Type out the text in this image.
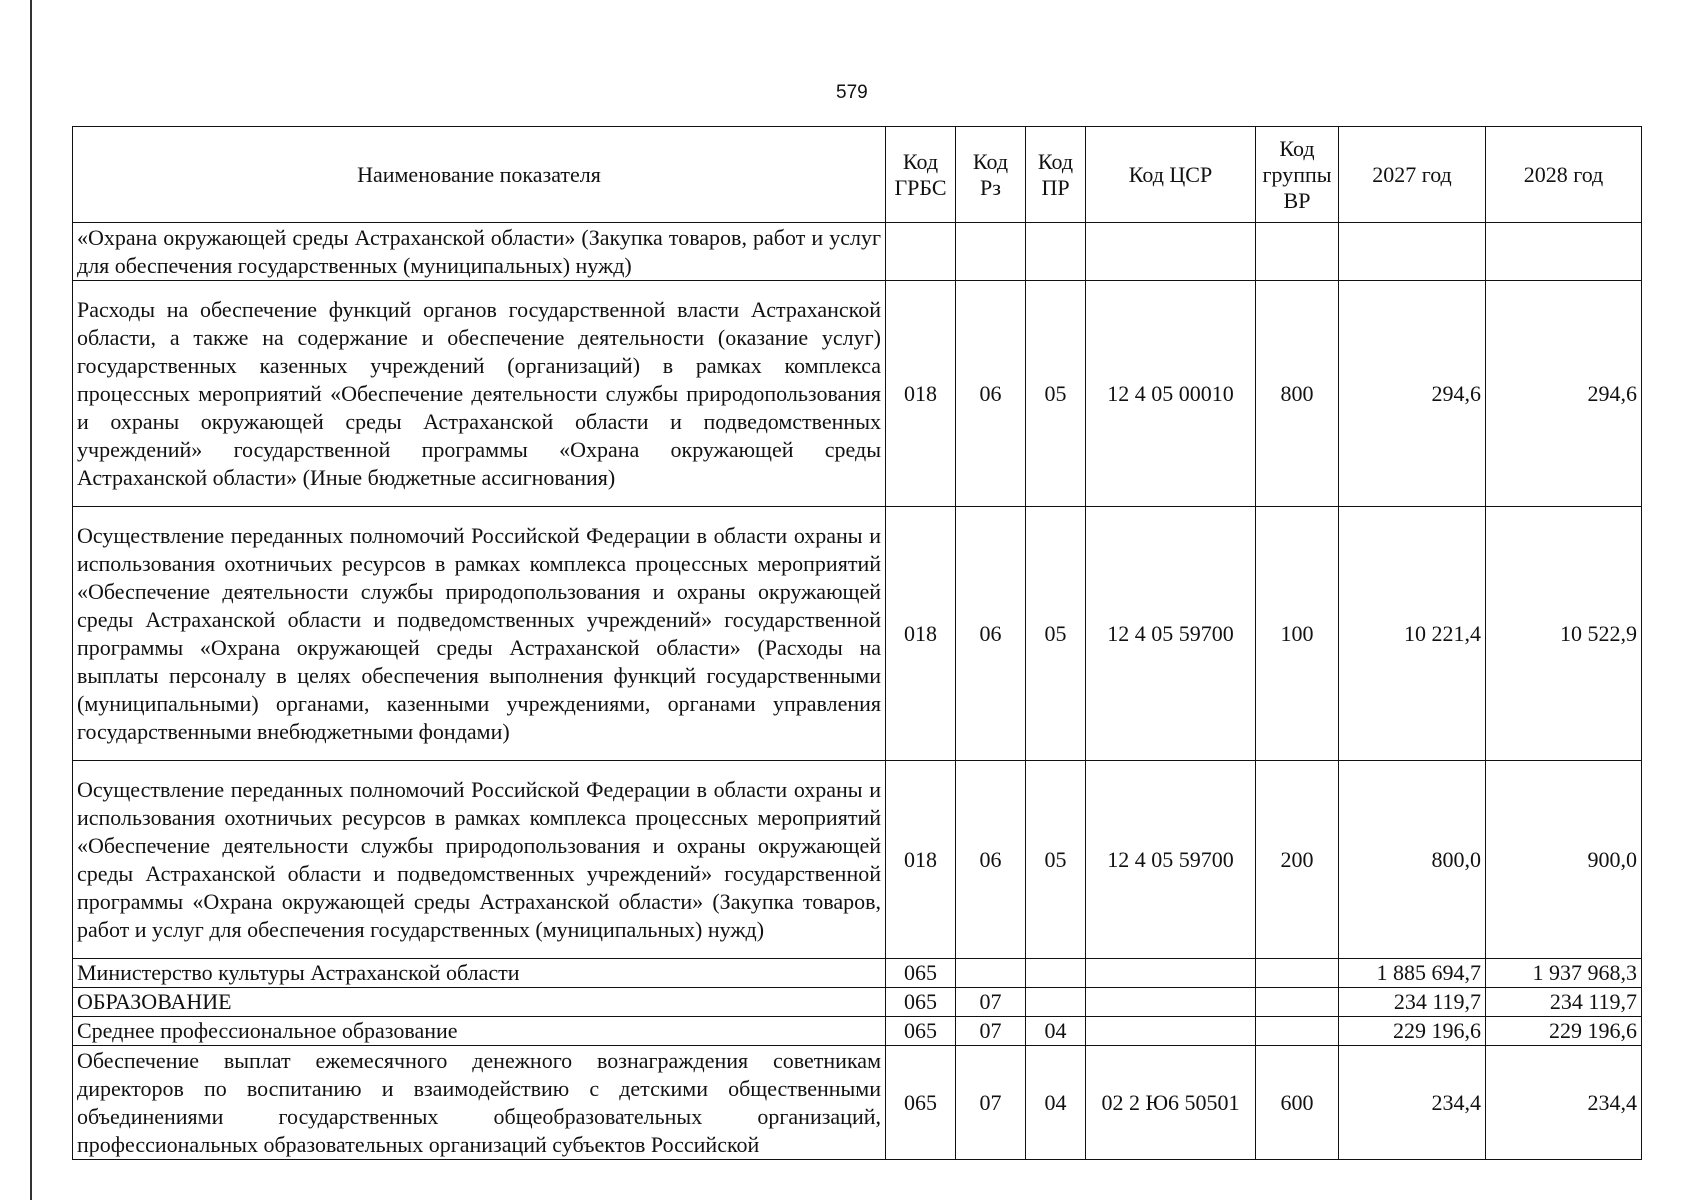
579
Наименование показателя	Код ГРБС	Код Рз	Код ПР	Код ЦСР	Код группы ВР	2027 год	2028 год
«Охрана окружающей среды Астраханской области» (Закупка товаров, работ и услуг для обеспечения государственных (муниципальных) нужд)							
Расходы на обеспечение функций органов государственной власти Астраханской области, а также на содержание и обеспечение деятельности (оказание услуг) государственных казенных учреждений (организаций) в рамках комплекса процессных мероприятий «Обеспечение деятельности службы природопользования и охраны окружающей среды Астраханской области и подведомственных учреждений» государственной программы «Охрана окружающей среды Астраханской области» (Иные бюджетные ассигнования)	018	06	05	12 4 05 00010	800	294,6	294,6
Осуществление переданных полномочий Российской Федерации в области охраны и использования охотничьих ресурсов в рамках комплекса процессных мероприятий «Обеспечение деятельности службы природопользования и охраны окружающей среды Астраханской области и подведомственных учреждений» государственной программы «Охрана окружающей среды Астраханской области» (Расходы на выплаты персоналу в целях обеспечения выполнения функций государственными (муниципальными) органами, казенными учреждениями, органами управления государственными внебюджетными фондами)	018	06	05	12 4 05 59700	100	10 221,4	10 522,9
Осуществление переданных полномочий Российской Федерации в области охраны и использования охотничьих ресурсов в рамках комплекса процессных мероприятий «Обеспечение деятельности службы природопользования и охраны окружающей среды Астраханской области и подведомственных учреждений» государственной программы «Охрана окружающей среды Астраханской области» (Закупка товаров, работ и услуг для обеспечения государственных (муниципальных) нужд)	018	06	05	12 4 05 59700	200	800,0	900,0
Министерство культуры Астраханской области	065					1 885 694,7	1 937 968,3
ОБРАЗОВАНИЕ	065	07				234 119,7	234 119,7
Среднее профессиональное образование	065	07	04			229 196,6	229 196,6
Обеспечение выплат ежемесячного денежного вознаграждения советникам директоров по воспитанию и взаимодействию с детскими общественными объединениями государственных общеобразовательных организаций, профессиональных образовательных организаций субъектов Российской	065	07	04	02 2 Ю6 50501	600	234,4	234,4
